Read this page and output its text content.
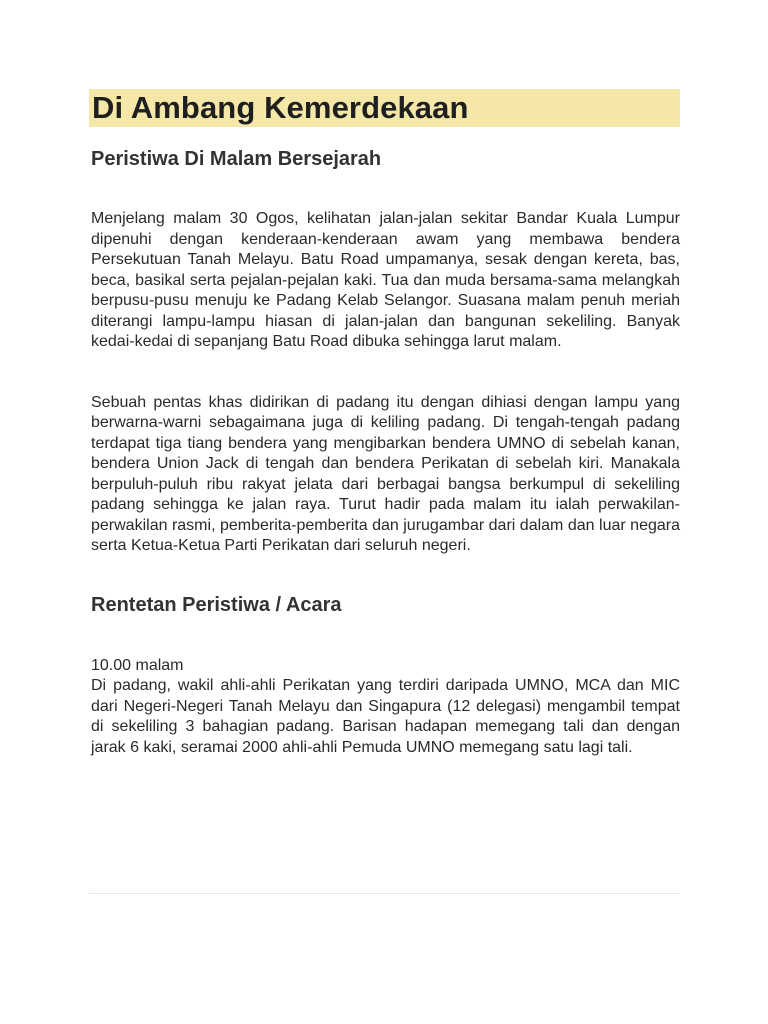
Di Ambang Kemerdekaan
Peristiwa Di Malam Bersejarah

Menjelang malam 30 Ogos, kelihatan jalan-jalan sekitar Bandar Kuala Lumpur dipenuhi dengan kenderaan-kenderaan awam yang membawa bendera Persekutuan Tanah Melayu. Batu Road umpamanya, sesak dengan kereta, bas, beca, basikal serta pejalan-pejalan kaki. Tua dan muda bersama-sama melangkah berpusu-pusu menuju ke Padang Kelab Selangor. Suasana malam penuh meriah diterangi lampu-lampu hiasan di jalan-jalan dan bangunan sekeliling. Banyak kedai-kedai di sepanjang Batu Road dibuka sehingga larut malam.

Sebuah pentas khas didirikan di padang itu dengan dihiasi dengan lampu yang berwarna-warni sebagaimana juga di keliling padang. Di tengah-tengah padang terdapat tiga tiang bendera yang mengibarkan bendera UMNO di sebelah kanan, bendera Union Jack di tengah dan bendera Perikatan di sebelah kiri. Manakala berpuluh-puluh ribu rakyat jelata dari berbagai bangsa berkumpul di sekeliling padang sehingga ke jalan raya. Turut hadir pada malam itu ialah perwakilan-perwakilan rasmi, pemberita-pemberita dan jurugambar dari dalam dan luar negara serta Ketua-Ketua Parti Perikatan dari seluruh negeri.

Rentetan Peristiwa / Acara

10.00 malam

Di padang, wakil ahli-ahli Perikatan yang terdiri daripada UMNO, MCA dan MIC dari Negeri-Negeri Tanah Melayu dan Singapura (12 delegasi) mengambil tempat di sekeliling 3 bahagian padang. Barisan hadapan memegang tali dan dengan jarak 6 kaki, seramai 2000 ahli-ahli Pemuda UMNO memegang satu lagi tali.
